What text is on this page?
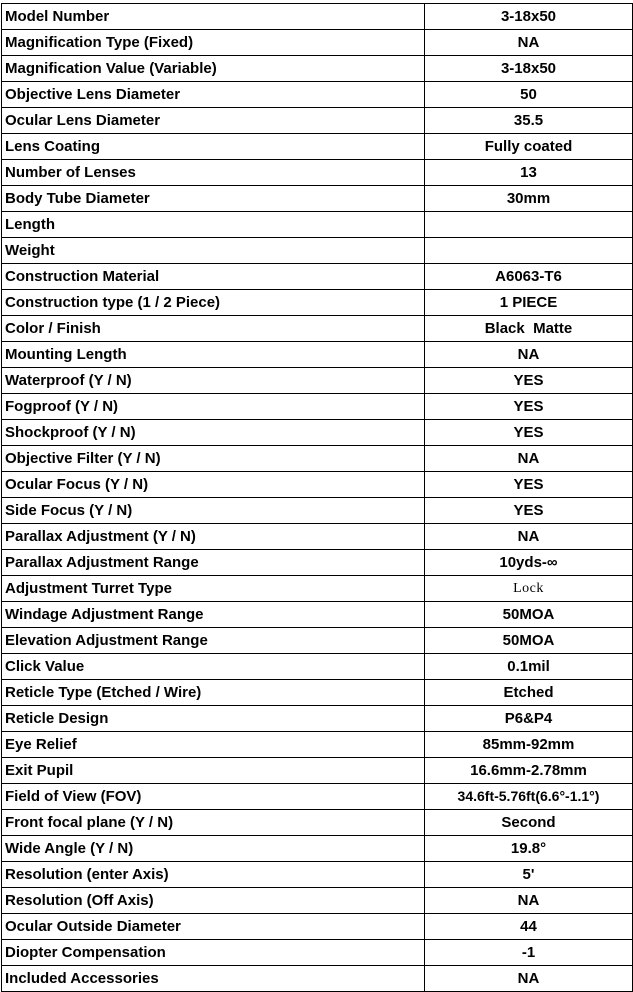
Model Number	3-18x50
Magnification Type (Fixed)	NA
Magnification Value (Variable)	3-18x50
Objective Lens Diameter	50
Ocular Lens Diameter	35.5
Lens Coating	Fully coated
Number of Lenses	13
Body Tube Diameter	30mm
Length	
Weight	
Construction Material	A6063-T6
Construction type (1 / 2 Piece)	1 PIECE
Color / Finish	Black  Matte
Mounting Length	NA
Waterproof (Y / N)	YES
Fogproof (Y / N)	YES
Shockproof (Y / N)	YES
Objective Filter (Y / N)	NA
Ocular Focus (Y / N)	YES
Side Focus (Y / N)	YES
Parallax Adjustment (Y / N)	NA
Parallax Adjustment Range	10yds-∞
Adjustment Turret Type	Lock
Windage Adjustment Range	50MOA
Elevation Adjustment Range	50MOA
Click Value	0.1mil
Reticle Type (Etched / Wire)	Etched
Reticle Design	P6&P4
Eye Relief	85mm-92mm
Exit Pupil	16.6mm-2.78mm
Field of View (FOV)	34.6ft-5.76ft(6.6°-1.1°)
Front focal plane (Y / N)	Second
Wide Angle (Y / N)	19.8°
Resolution (enter Axis)	5'
Resolution (Off Axis)	NA
Ocular Outside Diameter	44
Diopter Compensation	-1
Included Accessories	NA
